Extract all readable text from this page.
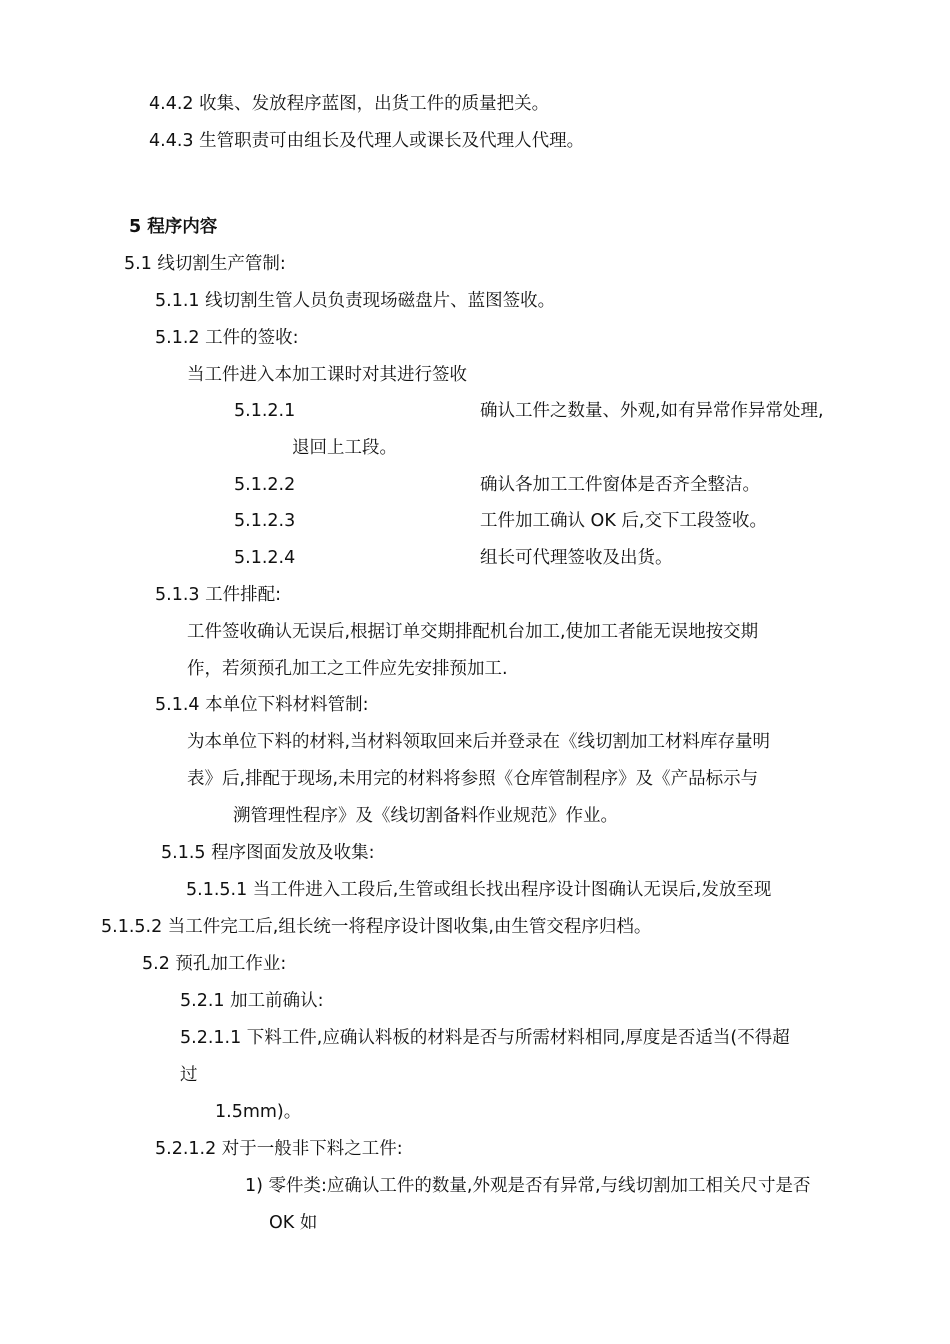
4.4.2 收集、发放程序蓝图，出货工件的质量把关。
4.4.3 生管职责可由组长及代理人或课长及代理人代理。
5 程序内容
5.1 线切割生产管制:
5.1.1 线切割生管人员负责现场磁盘片、蓝图签收。
5.1.2 工件的签收:
当工件进入本加工课时对其进行签收
5.1.2.1	确认工件之数量、外观,如有异常作异常处理,
退回上工段。
5.1.2.2	确认各加工工件窗体是否齐全整洁。
5.1.2.3	工件加工确认 OK 后,交下工段签收。
5.1.2.4	组长可代理签收及出货。
5.1.3 工件排配:
工件签收确认无误后,根据订单交期排配机台加工,使加工者能无误地按交期
作，若须预孔加工之工件应先安排预加工.
5.1.4 本单位下料材料管制:
为本单位下料的材料,当材料领取回来后并登录在《线切割加工材料库存量明
表》后,排配于现场,未用完的材料将参照《仓库管制程序》及《产品标示与
溯管理性程序》及《线切割备料作业规范》作业。
5.1.5 程序图面发放及收集:
5.1.5.1 当工件进入工段后,生管或组长找出程序设计图确认无误后,发放至现
5.1.5.2 当工件完工后,组长统一将程序设计图收集,由生管交程序归档。
5.2 预孔加工作业:
5.2.1 加工前确认:
5.2.1.1 下料工件,应确认料板的材料是否与所需材料相同,厚度是否适当(不得超
过
1.5mm)。
5.2.1.2 对于一般非下料之工件:
1) 零件类:应确认工件的数量,外观是否有异常,与线切割加工相关尺寸是否
OK 如
